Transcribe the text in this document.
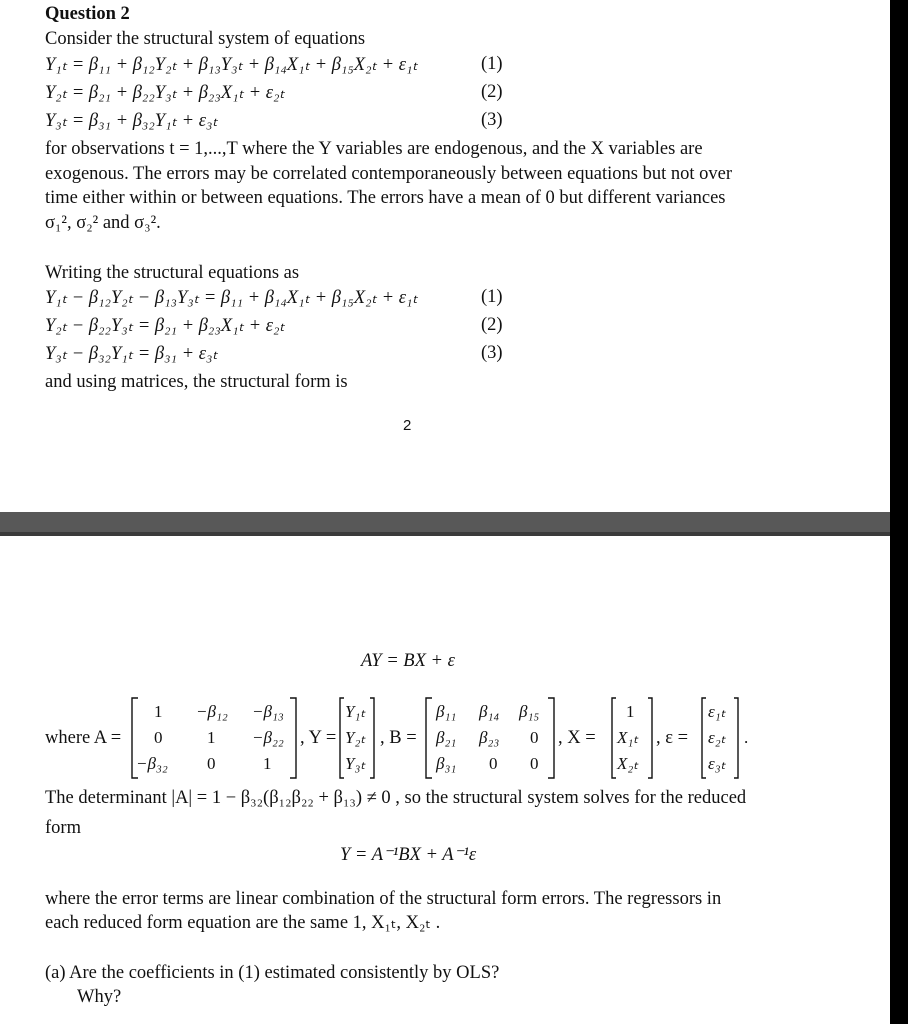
Question 2
Consider the structural system of equations
Y₁ₜ = β₁₁ + β₁₂Y₂ₜ + β₁₃Y₃ₜ + β₁₄X₁ₜ + β₁₅X₂ₜ + ε₁ₜ	(1)
Y₂ₜ = β₂₁ + β₂₂Y₃ₜ + β₂₃X₁ₜ + ε₂ₜ	(2)
Y₃ₜ = β₃₁ + β₃₂Y₁ₜ + ε₃ₜ	(3)
for observations t = 1,...,T where the Y variables are endogenous, and the X variables are
exogenous. The errors may be correlated contemporaneously between equations but not over
time either within or between equations. The errors have a mean of 0 but different variances
σ₁², σ₂² and σ₃².
Writing the structural equations as
Y₁ₜ − β₁₂Y₂ₜ − β₁₃Y₃ₜ = β₁₁ + β₁₄X₁ₜ + β₁₅X₂ₜ + ε₁ₜ	(1)
Y₂ₜ − β₂₂Y₃ₜ = β₂₁ + β₂₃X₁ₜ + ε₂ₜ	(2)
Y₃ₜ − β₃₂Y₁ₜ = β₃₁ + ε₃ₜ	(3)
and using matrices, the structural form is
2
AY = BX + ε
where A =
1 −β₁₂ −β₁₃
0	1 −β₂₂
−β₃₂ 0	1
, Y =
Y₁ₜ
Y₂ₜ
Y₃ₜ
, B =
β₁₁ β₁₄ β₁₅
β₂₁ β₂₃ 0
β₃₁ 0 0
, X =
1
X₁ₜ
X₂ₜ
, ε =
ε₁ₜ
ε₂ₜ
ε₃ₜ
.
The determinant |A| = 1 − β₃₂(β₁₂β₂₂ + β₁₃) ≠ 0 , so the structural system solves for the reduced
form
Y = A⁻¹BX + A⁻¹ε
where the error terms are linear combination of the structural form errors. The regressors in
each reduced form equation are the same 1, X₁ₜ, X₂ₜ .
(a) Are the coefficients in (1) estimated consistently by OLS?
Why?
